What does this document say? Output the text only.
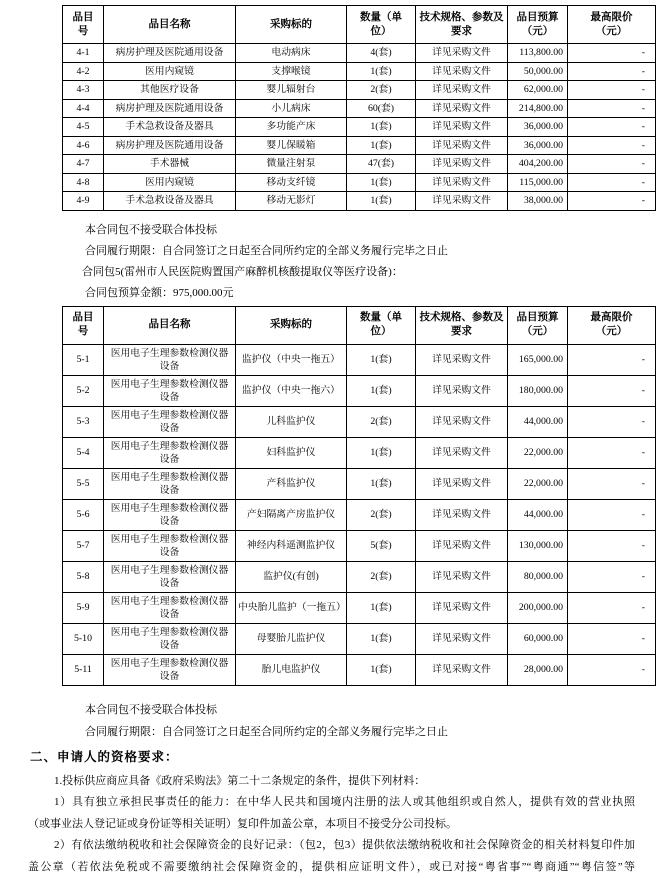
品目号	品目名称	采购标的	数量（单位）	技术规格、参数及要求	品目预算（元）	最高限价（元）
4-1	病房护理及医院通用设备	电动病床	4(套)	详见采购文件	113,800.00	-
4-2	医用内窥镜	支撑喉镜	1(套)	详见采购文件	50,000.00	-
4-3	其他医疗设备	婴儿辐射台	2(套)	详见采购文件	62,000.00	-
4-4	病房护理及医院通用设备	小儿病床	60(套)	详见采购文件	214,800.00	-
4-5	手术急救设备及器具	多功能产床	1(套)	详见采购文件	36,000.00	-
4-6	病房护理及医院通用设备	婴儿保暖箱	1(套)	详见采购文件	36,000.00	-
4-7	手术器械	微量注射泵	47(套)	详见采购文件	404,200.00	-
4-8	医用内窥镜	移动支纤镜	1(套)	详见采购文件	115,000.00	-
4-9	手术急救设备及器具	移动无影灯	1(套)	详见采购文件	38,000.00	-
本合同包不接受联合体投标
合同履行期限：自合同签订之日起至合同所约定的全部义务履行完毕之日止
合同包5(雷州市人民医院购置国产麻醉机核酸提取仪等医疗设备)：
合同包预算金额：975,000.00元
品目号	品目名称	采购标的	数量（单位）	技术规格、参数及要求	品目预算（元）	最高限价（元）
5-1	医用电子生理参数检测仪器设备	监护仪（中央一拖五）	1(套)	详见采购文件	165,000.00	-
5-2	医用电子生理参数检测仪器设备	监护仪（中央一拖六）	1(套)	详见采购文件	180,000.00	-
5-3	医用电子生理参数检测仪器设备	儿科监护仪	2(套)	详见采购文件	44,000.00	-
5-4	医用电子生理参数检测仪器设备	妇科监护仪	1(套)	详见采购文件	22,000.00	-
5-5	医用电子生理参数检测仪器设备	产科监护仪	1(套)	详见采购文件	22,000.00	-
5-6	医用电子生理参数检测仪器设备	产妇隔离产房监护仪	2(套)	详见采购文件	44,000.00	-
5-7	医用电子生理参数检测仪器设备	神经内科遥测监护仪	5(套)	详见采购文件	130,000.00	-
5-8	医用电子生理参数检测仪器设备	监护仪(有创)	2(套)	详见采购文件	80,000.00	-
5-9	医用电子生理参数检测仪器设备	中央胎儿监护（一拖五）	1(套)	详见采购文件	200,000.00	-
5-10	医用电子生理参数检测仪器设备	母婴胎儿监护仪	1(套)	详见采购文件	60,000.00	-
5-11	医用电子生理参数检测仪器设备	胎儿电监护仪	1(套)	详见采购文件	28,000.00	-
本合同包不接受联合体投标
合同履行期限：自合同签订之日起至合同所约定的全部义务履行完毕之日止
二、申请人的资格要求：
1.投标供应商应具备《政府采购法》第二十二条规定的条件，提供下列材料：
1）具有独立承担民事责任的能力：在中华人民共和国境内注册的法人或其他组织或自然人，提供有效的营业执照
（或事业法人登记证或身份证等相关证明）复印件加盖公章，本项目不接受分公司投标。
2）有依法缴纳税收和社会保障资金的良好记录：（包2，包3）提供依法缴纳税收和社会保障资金的相关材料复印件加
盖公章（若依法免税或不需要缴纳社会保障资金的，提供相应证明文件），或已对接“粤省事”“粤商通”“粤信签”等
